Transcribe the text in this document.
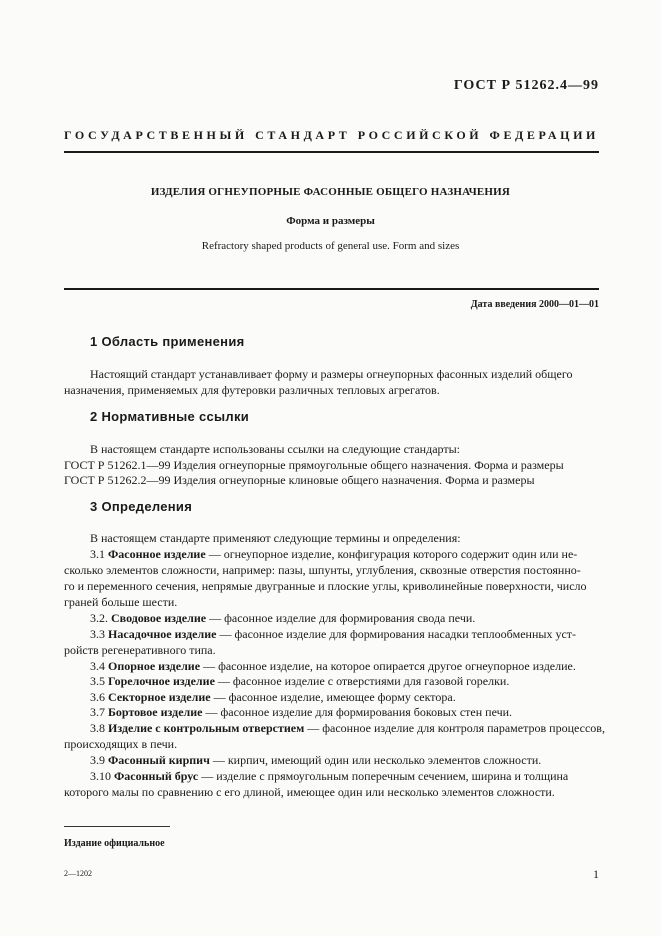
ГОСТ Р 51262.4—99
ГОСУДАРСТВЕННЫЙ СТАНДАРТ РОССИЙСКОЙ ФЕДЕРАЦИИ
ИЗДЕЛИЯ ОГНЕУПОРНЫЕ ФАСОННЫЕ ОБЩЕГО НАЗНАЧЕНИЯ
Форма и размеры
Refractory shaped products of general use. Form and sizes
Дата введения 2000—01—01
1 Область применения
Настоящий стандарт устанавливает форму и размеры огнеупорных фасонных изделий общего
назначения, применяемых для футеровки различных тепловых агрегатов.
2 Нормативные ссылки
В настоящем стандарте использованы ссылки на следующие стандарты:
ГОСТ Р 51262.1—99 Изделия огнеупорные прямоугольные общего назначения. Форма и размеры
ГОСТ Р 51262.2—99 Изделия огнеупорные клиновые общего назначения. Форма и размеры
3 Определения
В настоящем стандарте применяют следующие термины и определения:
3.1 Фасонное изделие — огнеупорное изделие, конфигурация которого содержит один или не-
сколько элементов сложности, например: пазы, шпунты, углубления, сквозные отверстия постоянно-
го и переменного сечения, непрямые двугранные и плоские углы, криволинейные поверхности, число
граней больше шести.
3.2. Сводовое изделие — фасонное изделие для формирования свода печи.
3.3 Насадочное изделие — фасонное изделие для формирования насадки теплообменных уст-
ройств регенеративного типа.
3.4 Опорное изделие — фасонное изделие, на которое опирается другое огнеупорное изделие.
3.5 Горелочное изделие — фасонное изделие с отверстиями для газовой горелки.
3.6 Секторное изделие — фасонное изделие, имеющее форму сектора.
3.7 Бортовое изделие — фасонное изделие для формирования боковых стен печи.
3.8 Изделие с контрольным отверстием — фасонное изделие для контроля параметров процессов,
происходящих в печи.
3.9 Фасонный кирпич — кирпич, имеющий один или несколько элементов сложности.
3.10 Фасонный брус — изделие с прямоугольным поперечным сечением, ширина и толщина
которого малы по сравнению с его длиной, имеющее один или несколько элементов сложности.
Издание официальное
2—1202	1
